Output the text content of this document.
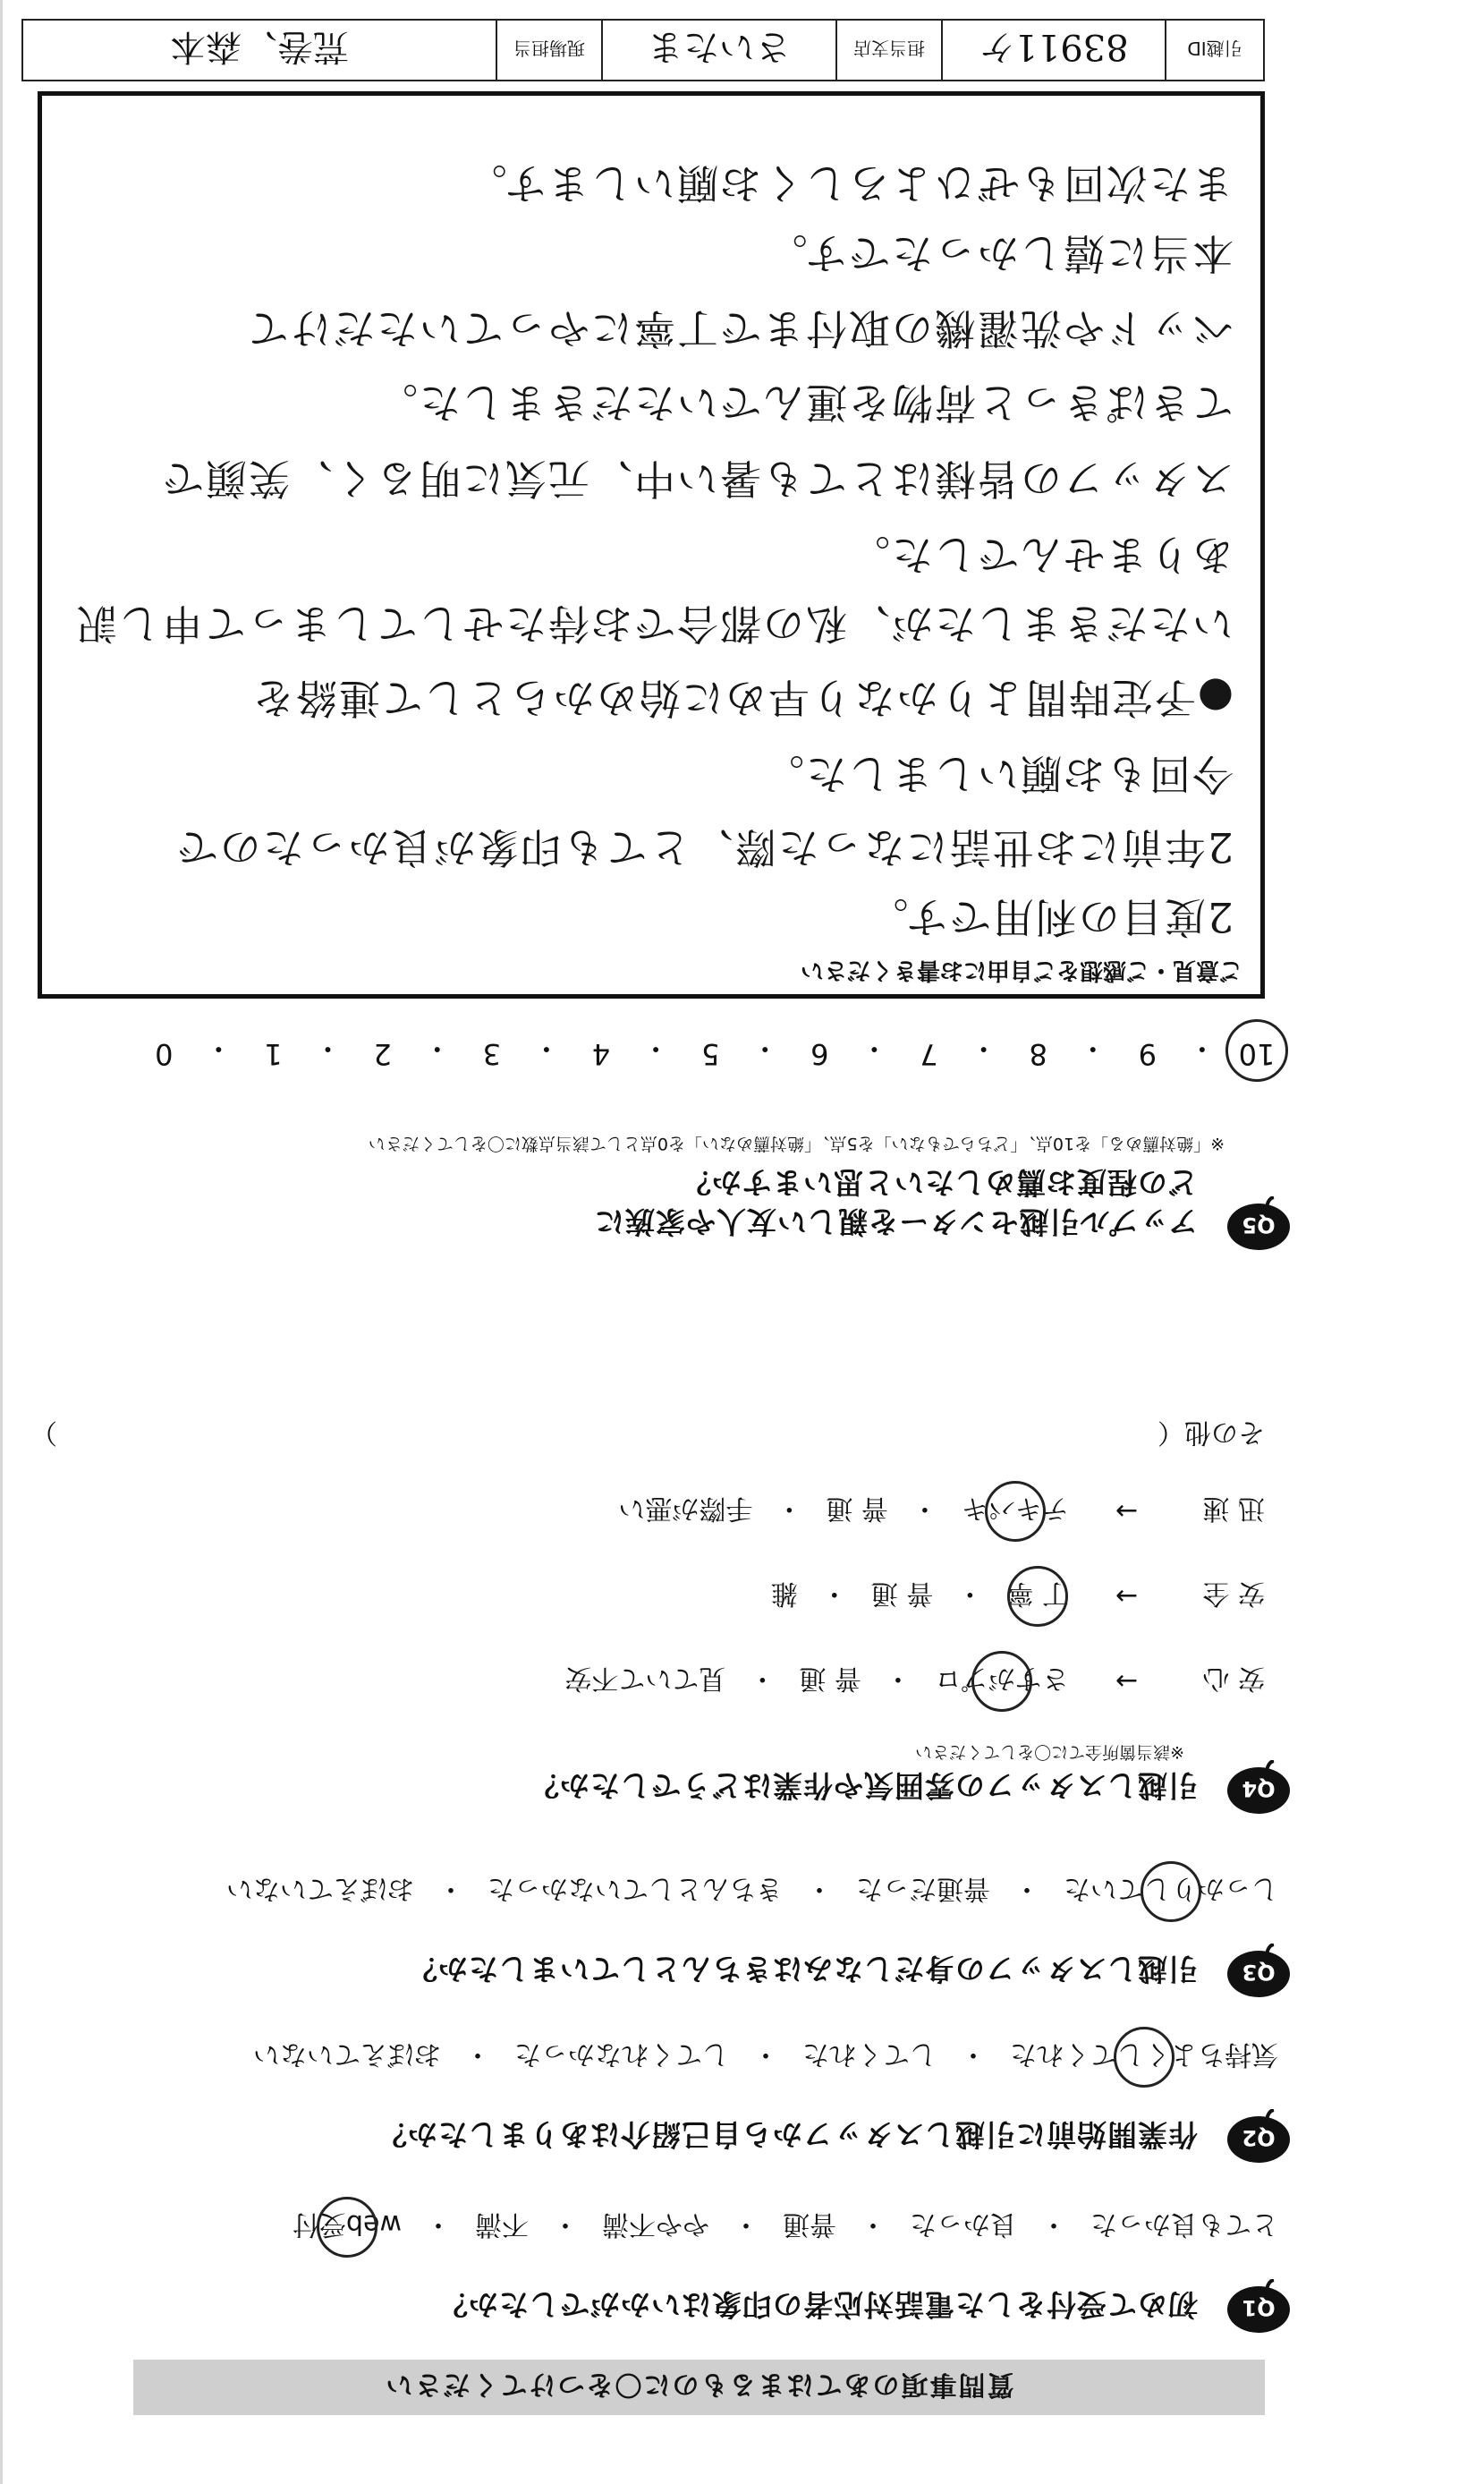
質問事項のあてはまるものに〇をつけてください
Q1
初めて受付をした電話対応者の印象はいかがでしたか？
とても良かった
・
良かった
・
普通
・
やや不満
・
不満
・
web受付
Q2
作業開始前に引越しスタッフから自己紹介はありましたか？
気持ちよくしてくれた
・
してくれた
・
してくれなかった
・
おぼえていない
Q3
引越しスタッフの身だしなみはきちんとしていましたか？
しっかりしていた
・
普通だった
・
きちんとしていなかった
・
おぼえていない
Q4
引越しスタッフの雰囲気や作業はどうでしたか？
※該当箇所全てに〇をしてください
安 心
→
さすがプロ
・
普 通
・
見ていて不安
安 全
→
丁 寧
・
普 通
・
雑
迅 速
→
テキパキ
・
普 通
・
手際が悪い
その他（
）
Q5
アップル引越センターを親しい友人や家族に
どの程度お薦めしたいと思いますか？
※「絶対薦める」を10点、「どちらでもない」を5点、「絶対薦めない」を0点として該当点数に〇をしてください
10
・
9
・
8
・
7
・
6
・
5
・
4
・
3
・
2
・
1
・
0
ご意見・ご感想をご自由にお書きください
2度目の利用です。
2年前にお世話になった際、とても印象が良かったので
今回もお願いしました。
●予定時間よりかなり早めに始めからとして連絡を
いただきましたが、私の都合でお待たせしてしまって申し訳
ありませんでした。
スタッフの皆様はとても暑い中、元気に明るく、笑顔で
てきぱきっと荷物を運んでいただきました。
ベッドや洗濯機の取付まで丁寧にやっていただけて
本当に嬉しかったです。
また次回もぜひよろしくお願いします。
引越ID
83911ケ
担当支店
さいたま
現場担当
荒巻、森本
